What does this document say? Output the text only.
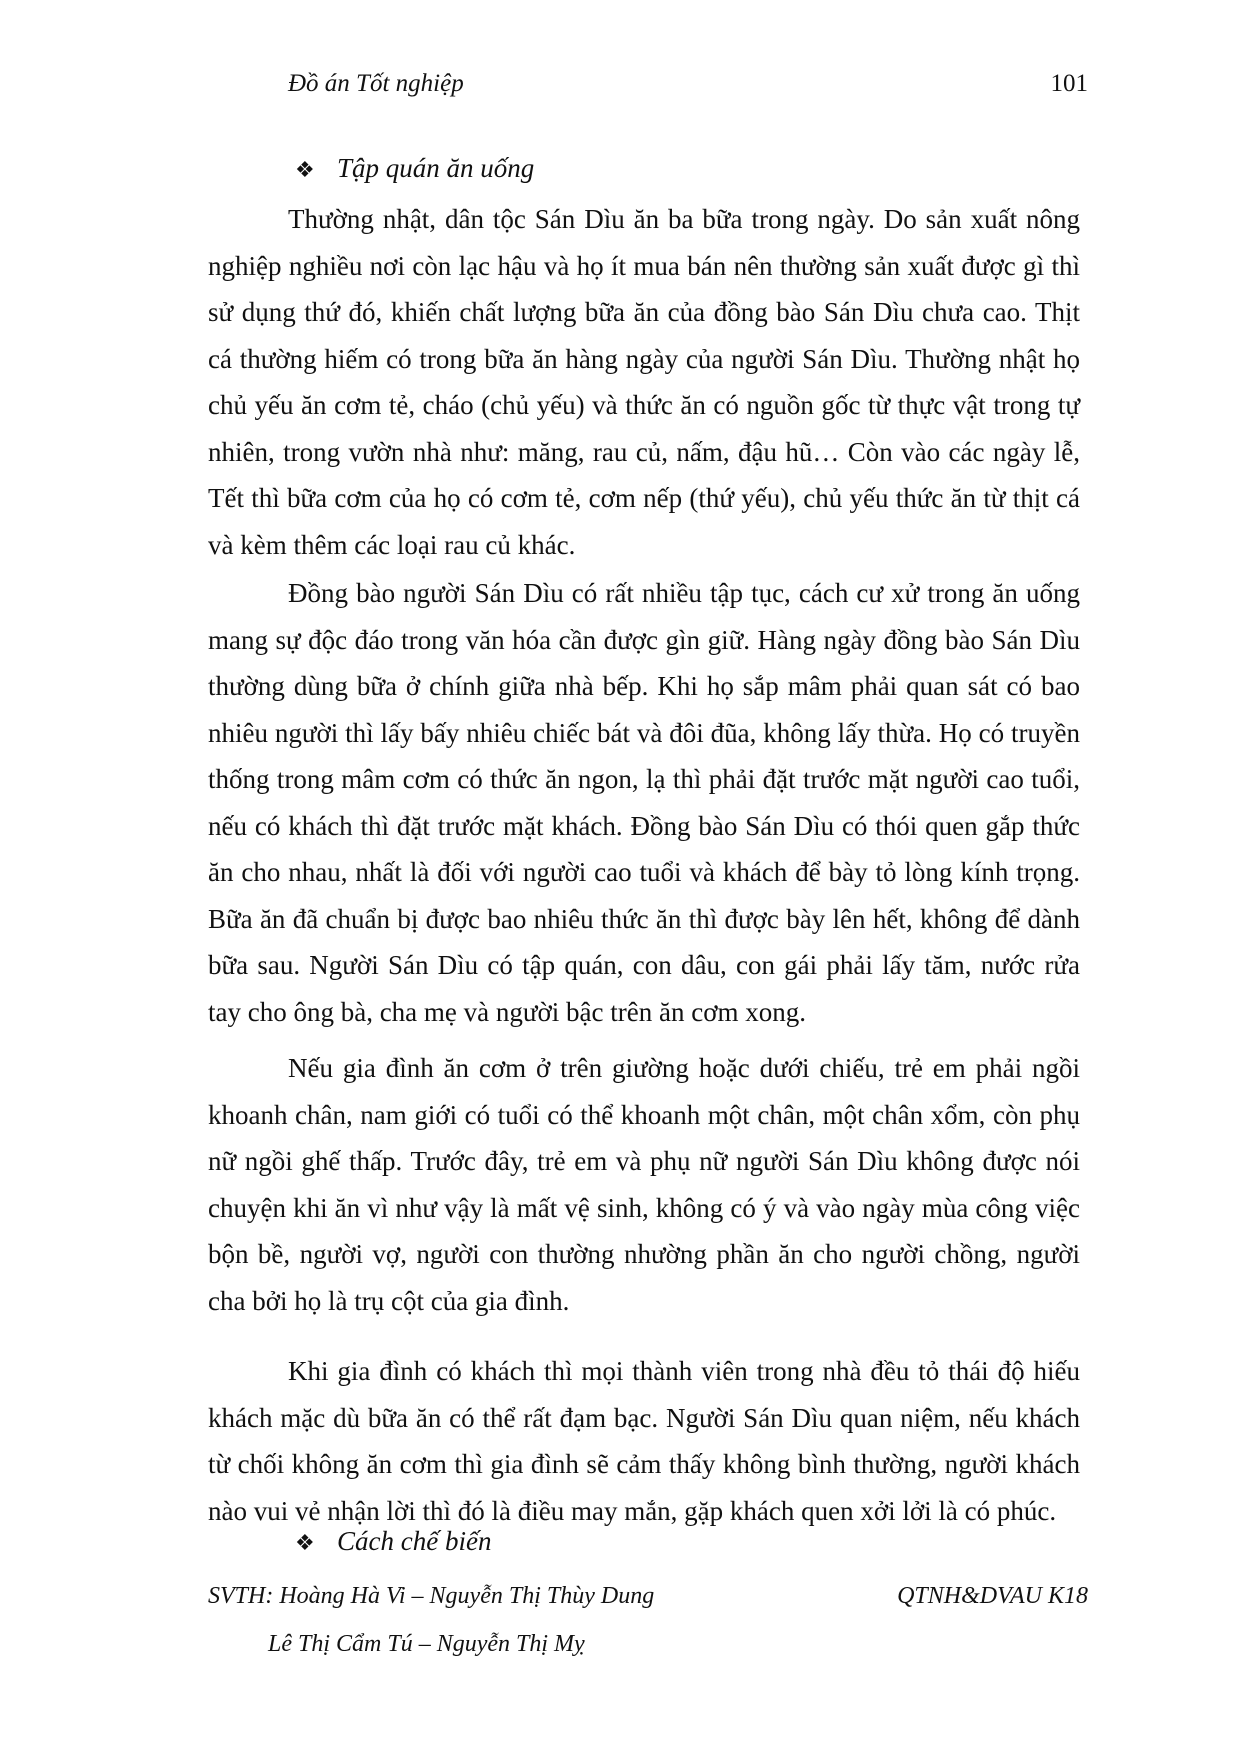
Đồ án Tốt nghiệp	101
❖ Tập quán ăn uống

Thường nhật, dân tộc Sán Dìu ăn ba bữa trong ngày. Do sản xuất nông nghiệp nghiều nơi còn lạc hậu và họ ít mua bán nên thường sản xuất được gì thì sử dụng thứ đó, khiến chất lượng bữa ăn của đồng bào Sán Dìu chưa cao. Thịt cá thường hiếm có trong bữa ăn hàng ngày của người Sán Dìu. Thường nhật họ chủ yếu ăn cơm tẻ, cháo (chủ yếu) và thức ăn có nguồn gốc từ thực vật trong tự nhiên, trong vườn nhà như: măng, rau củ, nấm, đậu hũ… Còn vào các ngày lễ, Tết thì bữa cơm của họ có cơm tẻ, cơm nếp (thứ yếu), chủ yếu thức ăn từ thịt cá và kèm thêm các loại rau củ khác.

Đồng bào người Sán Dìu có rất nhiều tập tục, cách cư xử trong ăn uống mang sự độc đáo trong văn hóa cần được gìn giữ. Hàng ngày đồng bào Sán Dìu thường dùng bữa ở chính giữa nhà bếp. Khi họ sắp mâm phải quan sát có bao nhiêu người thì lấy bấy nhiêu chiếc bát và đôi đũa, không lấy thừa. Họ có truyền thống trong mâm cơm có thức ăn ngon, lạ thì phải đặt trước mặt người cao tuổi, nếu có khách thì đặt trước mặt khách. Đồng bào Sán Dìu có thói quen gắp thức ăn cho nhau, nhất là đối với người cao tuổi và khách để bày tỏ lòng kính trọng. Bữa ăn đã chuẩn bị được bao nhiêu thức ăn thì được bày lên hết, không để dành bữa sau. Người Sán Dìu có tập quán, con dâu, con gái phải lấy tăm, nước rửa tay cho ông bà, cha mẹ và người bậc trên ăn cơm xong.

Nếu gia đình ăn cơm ở trên giường hoặc dưới chiếu, trẻ em phải ngồi khoanh chân, nam giới có tuổi có thể khoanh một chân, một chân xổm, còn phụ nữ ngồi ghế thấp. Trước đây, trẻ em và phụ nữ người Sán Dìu không được nói chuyện khi ăn vì như vậy là mất vệ sinh, không có ý và vào ngày mùa công việc bộn bề, người vợ, người con thường nhường phần ăn cho người chồng, người cha bởi họ là trụ cột của gia đình.

Khi gia đình có khách thì mọi thành viên trong nhà đều tỏ thái độ hiếu khách mặc dù bữa ăn có thể rất đạm bạc. Người Sán Dìu quan niệm, nếu khách từ chối không ăn cơm thì gia đình sẽ cảm thấy không bình thường, người khách nào vui vẻ nhận lời thì đó là điều may mắn, gặp khách quen xởi lởi là có phúc.

❖ Cách chế biến
SVTH: Hoàng Hà Vi – Nguyễn Thị Thùy Dung	QTNH&DVAU K18
Lê Thị Cẩm Tú – Nguyễn Thị Mỵ
